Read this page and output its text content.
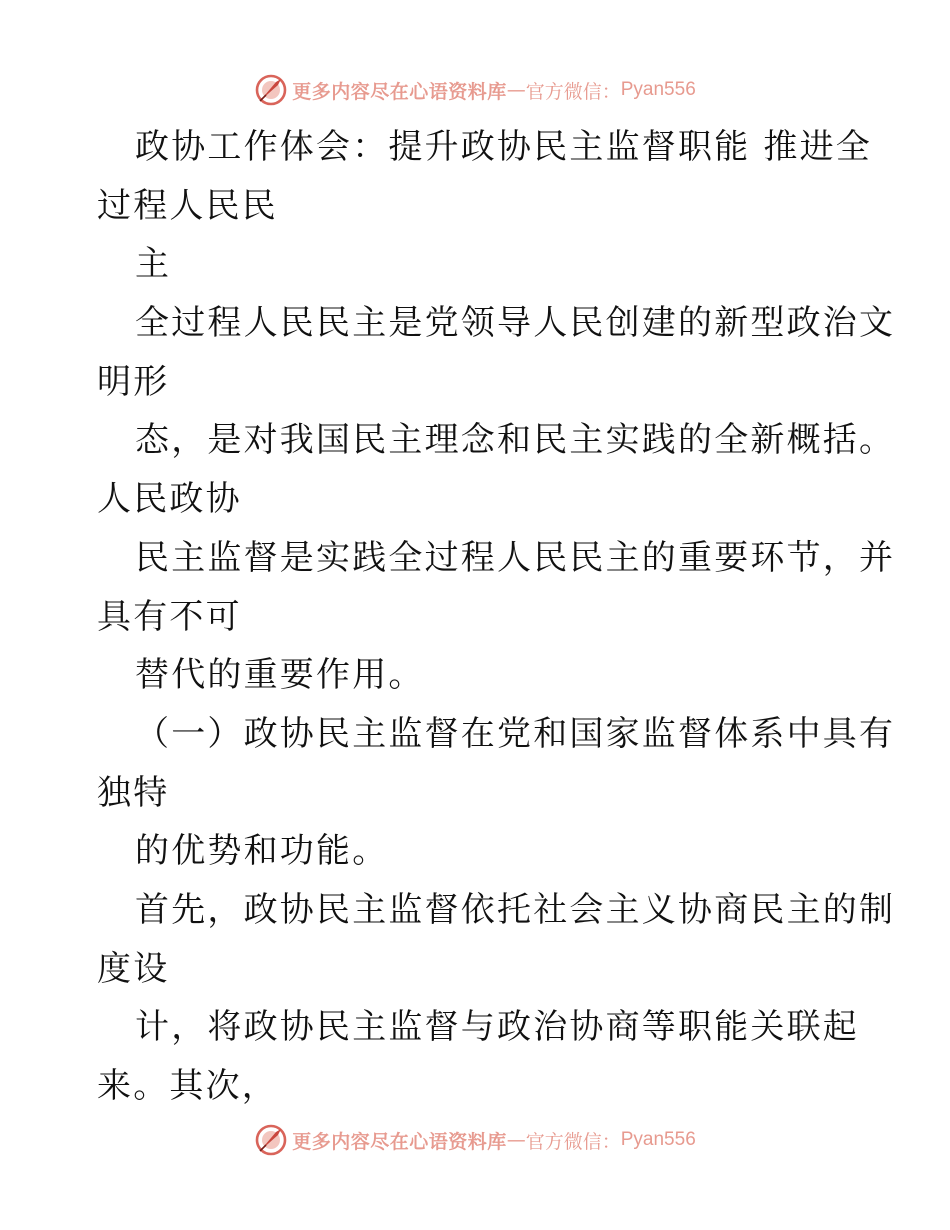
更多内容尽在心语资料库 — 官方微信： Pyan556
政协工作体会：提升政协民主监督职能 推进全
过程人民民
主
全过程人民民主是党领导人民创建的新型政治文
明形
态，是对我国民主理念和民主实践的全新概括。
人民政协
民主监督是实践全过程人民民主的重要环节，并
具有不可
替代的重要作用。
（一）政协民主监督在党和国家监督体系中具有
独特
的优势和功能。
首先，政协民主监督依托社会主义协商民主的制
度设
计，将政协民主监督与政治协商等职能关联起
来。其次，
更多内容尽在心语资料库 — 官方微信： Pyan556
